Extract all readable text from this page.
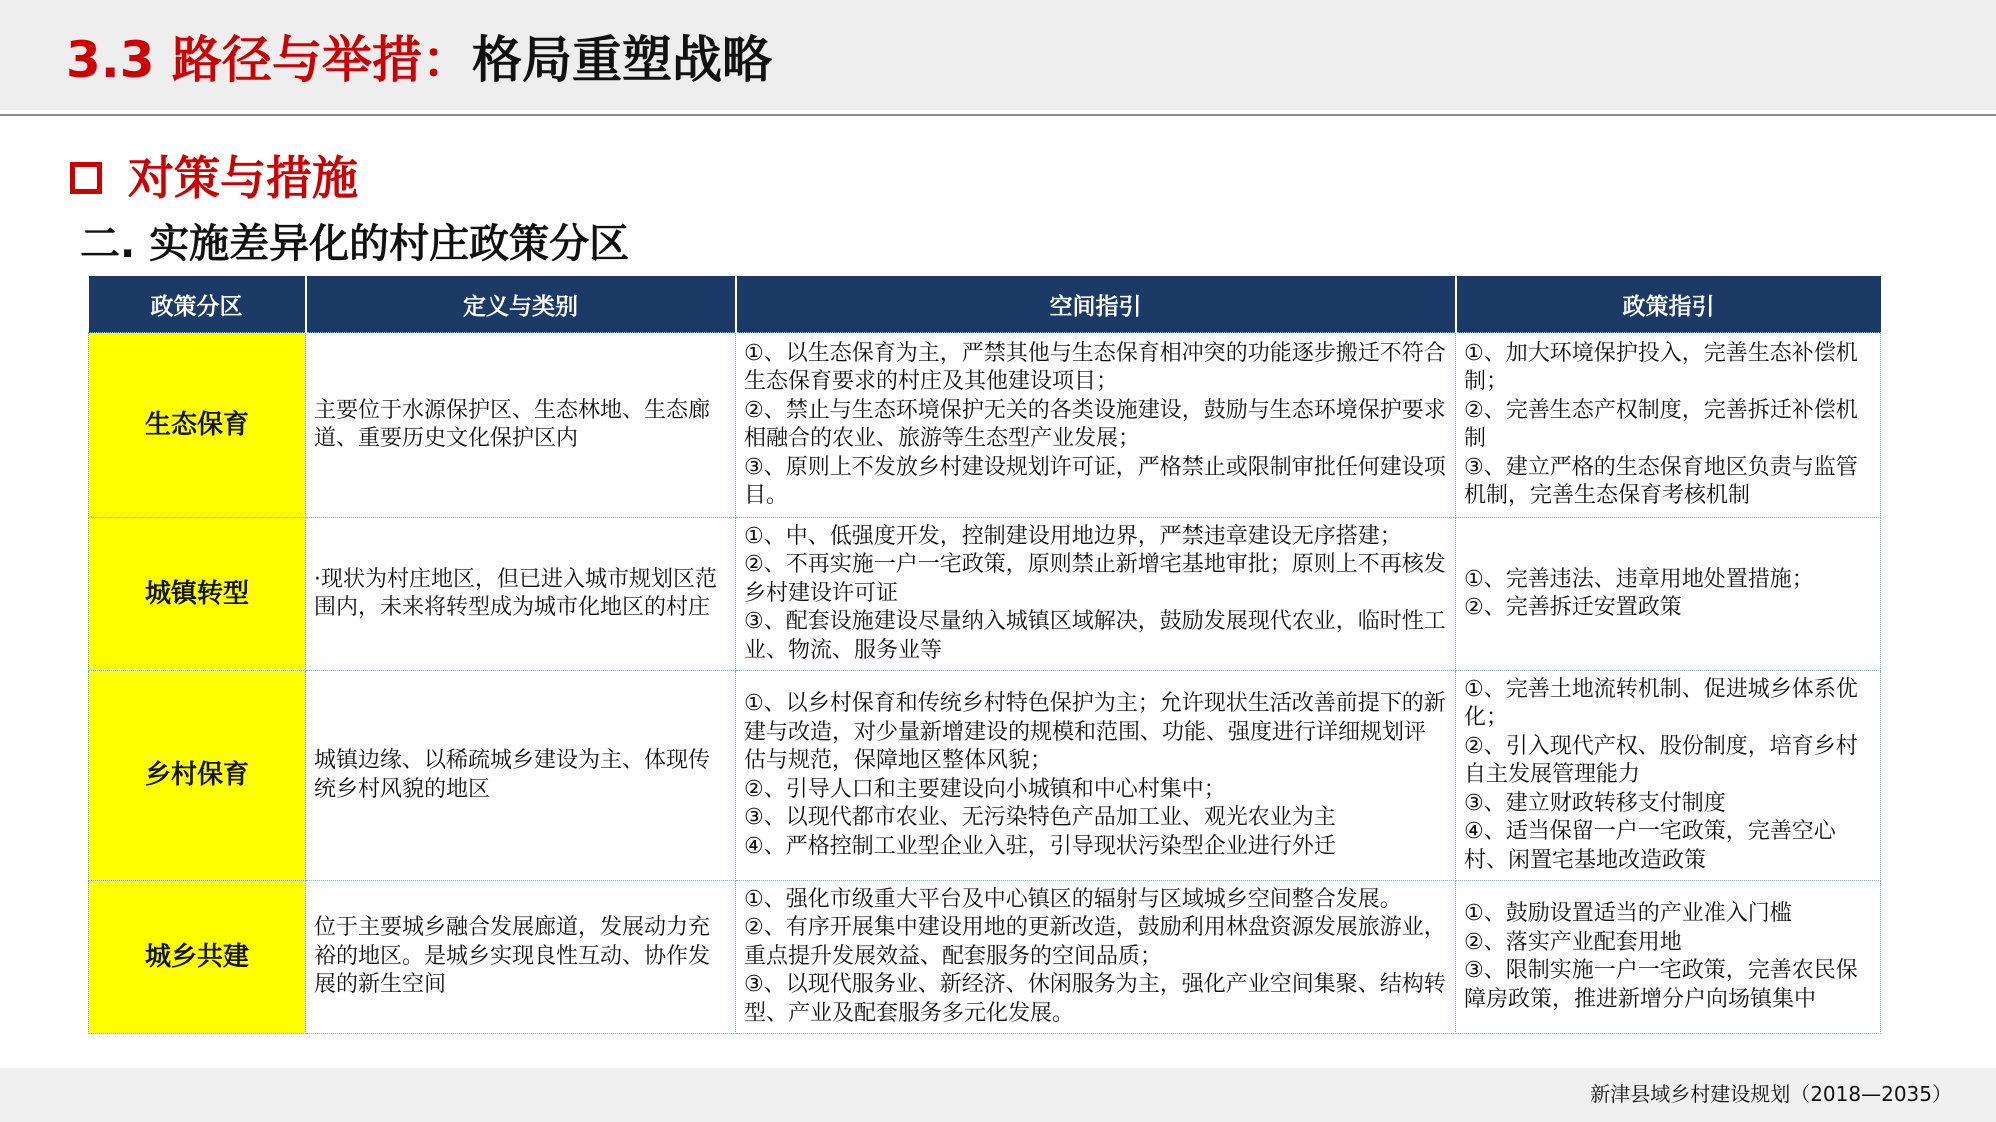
3.3 路径与举措：格局重塑战略
对策与措施
二. 实施差异化的村庄政策分区
政策分区	定义与类别	空间指引	政策指引
生态保育	主要位于水源保护区、生态林地、生态廊道、重要历史文化保护区内	①、以生态保育为主，严禁其他与生态保育相冲突的功能逐步搬迁不符合生态保育要求的村庄及其他建设项目；
②、禁止与生态环境保护无关的各类设施建设，鼓励与生态环境保护要求相融合的农业、旅游等生态型产业发展；
③、原则上不发放乡村建设规划许可证，严格禁止或限制审批任何建设项目。	①、加大环境保护投入，完善生态补偿机制；
②、完善生态产权制度，完善拆迁补偿机制
③、建立严格的生态保育地区负责与监管机制，完善生态保育考核机制
城镇转型	·现状为村庄地区，但已进入城市规划区范围内，未来将转型成为城市化地区的村庄	①、中、低强度开发，控制建设用地边界，严禁违章建设无序搭建；
②、不再实施一户一宅政策，原则禁止新增宅基地审批；原则上不再核发乡村建设许可证
③、配套设施建设尽量纳入城镇区域解决，鼓励发展现代农业，临时性工业、物流、服务业等	①、完善违法、违章用地处置措施；
②、完善拆迁安置政策
乡村保育	城镇边缘、以稀疏城乡建设为主、体现传统乡村风貌的地区	①、以乡村保育和传统乡村特色保护为主；允许现状生活改善前提下的新建与改造，对少量新增建设的规模和范围、功能、强度进行详细规划评估与规范，保障地区整体风貌；
②、引导人口和主要建设向小城镇和中心村集中；
③、以现代都市农业、无污染特色产品加工业、观光农业为主
④、严格控制工业型企业入驻，引导现状污染型企业进行外迁	①、完善土地流转机制、促进城乡体系优化；
②、引入现代产权、股份制度，培育乡村自主发展管理能力
③、建立财政转移支付制度
④、适当保留一户一宅政策，完善空心村、闲置宅基地改造政策
城乡共建	位于主要城乡融合发展廊道，发展动力充裕的地区。是城乡实现良性互动、协作发展的新生空间	①、强化市级重大平台及中心镇区的辐射与区域城乡空间整合发展。
②、有序开展集中建设用地的更新改造，鼓励利用林盘资源发展旅游业，重点提升发展效益、配套服务的空间品质；
③、以现代服务业、新经济、休闲服务为主，强化产业空间集聚、结构转型、产业及配套服务多元化发展。	①、鼓励设置适当的产业准入门槛
②、落实产业配套用地
③、限制实施一户一宅政策，完善农民保障房政策，推进新增分户向场镇集中
新津县域乡村建设规划（2018—2035）
